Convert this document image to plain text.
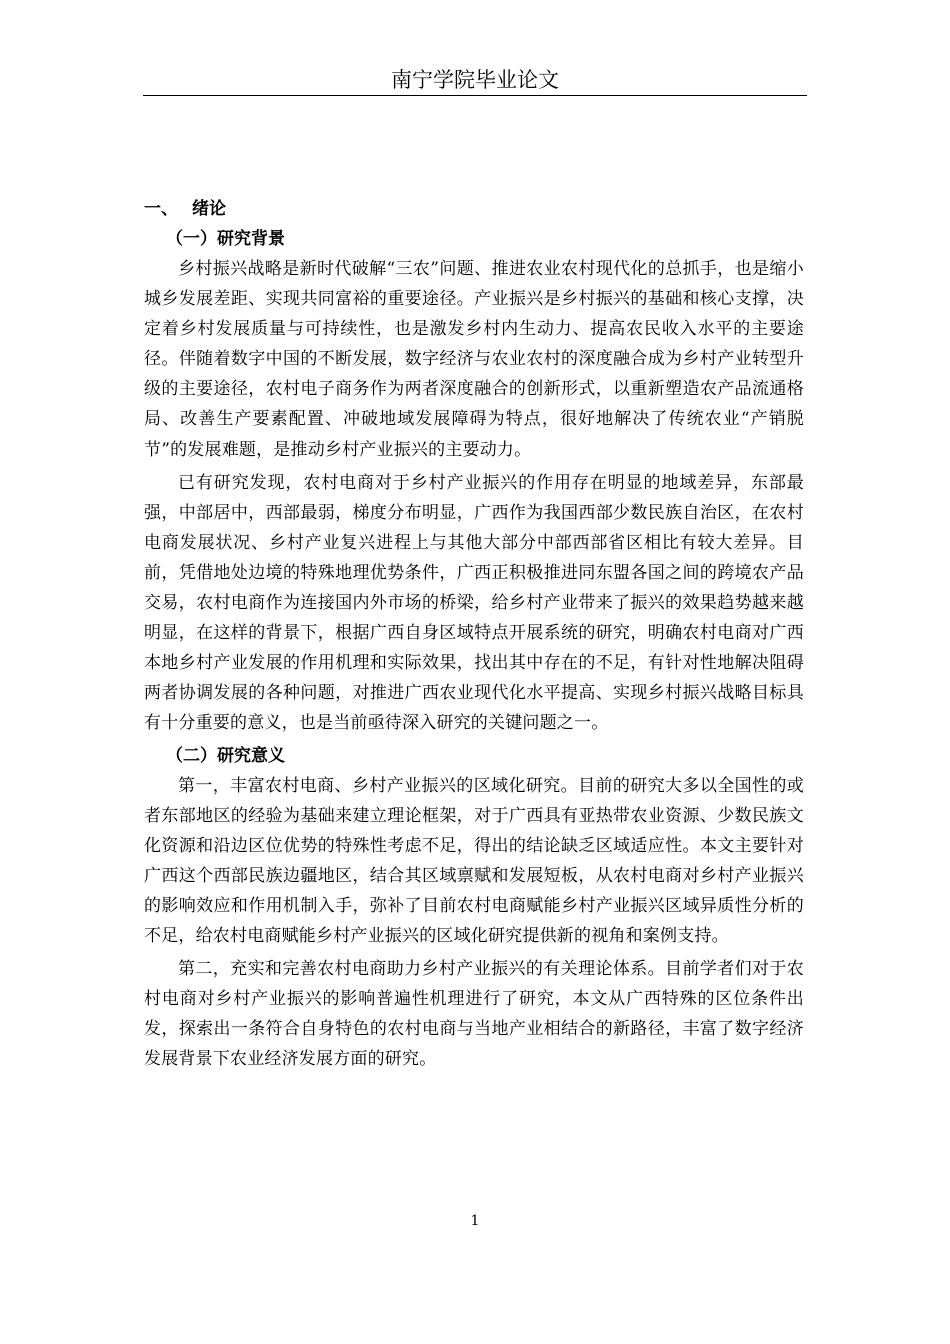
南宁学院毕业论文
一、 绪论
（一）研究背景

乡村振兴战略是新时代破解“三农”问题、推进农业农村现代化的总抓手，也是缩小城乡发展差距、实现共同富裕的重要途径。产业振兴是乡村振兴的基础和核心支撑，决定着乡村发展质量与可持续性，也是激发乡村内生动力、提高农民收入水平的主要途径。伴随着数字中国的不断发展，数字经济与农业农村的深度融合成为乡村产业转型升级的主要途径，农村电子商务作为两者深度融合的创新形式，以重新塑造农产品流通格局、改善生产要素配置、冲破地域发展障碍为特点，很好地解决了传统农业“产销脱节”的发展难题，是推动乡村产业振兴的主要动力。

已有研究发现，农村电商对于乡村产业振兴的作用存在明显的地域差异，东部最强，中部居中，西部最弱，梯度分布明显，广西作为我国西部少数民族自治区，在农村电商发展状况、乡村产业复兴进程上与其他大部分中部西部省区相比有较大差异。目前，凭借地处边境的特殊地理优势条件，广西正积极推进同东盟各国之间的跨境农产品交易，农村电商作为连接国内外市场的桥梁，给乡村产业带来了振兴的效果趋势越来越明显，在这样的背景下，根据广西自身区域特点开展系统的研究，明确农村电商对广西本地乡村产业发展的作用机理和实际效果，找出其中存在的不足，有针对性地解决阻碍两者协调发展的各种问题，对推进广西农业现代化水平提高、实现乡村振兴战略目标具有十分重要的意义，也是当前亟待深入研究的关键问题之一。

（二）研究意义

第一，丰富农村电商、乡村产业振兴的区域化研究。目前的研究大多以全国性的或者东部地区的经验为基础来建立理论框架，对于广西具有亚热带农业资源、少数民族文化资源和沿边区位优势的特殊性考虑不足，得出的结论缺乏区域适应性。本文主要针对广西这个西部民族边疆地区，结合其区域禀赋和发展短板，从农村电商对乡村产业振兴的影响效应和作用机制入手，弥补了目前农村电商赋能乡村产业振兴区域异质性分析的不足，给农村电商赋能乡村产业振兴的区域化研究提供新的视角和案例支持。

第二，充实和完善农村电商助力乡村产业振兴的有关理论体系。目前学者们对于农村电商对乡村产业振兴的影响普遍性机理进行了研究，本文从广西特殊的区位条件出发，探索出一条符合自身特色的农村电商与当地产业相结合的新路径，丰富了数字经济发展背景下农业经济发展方面的研究。

1
